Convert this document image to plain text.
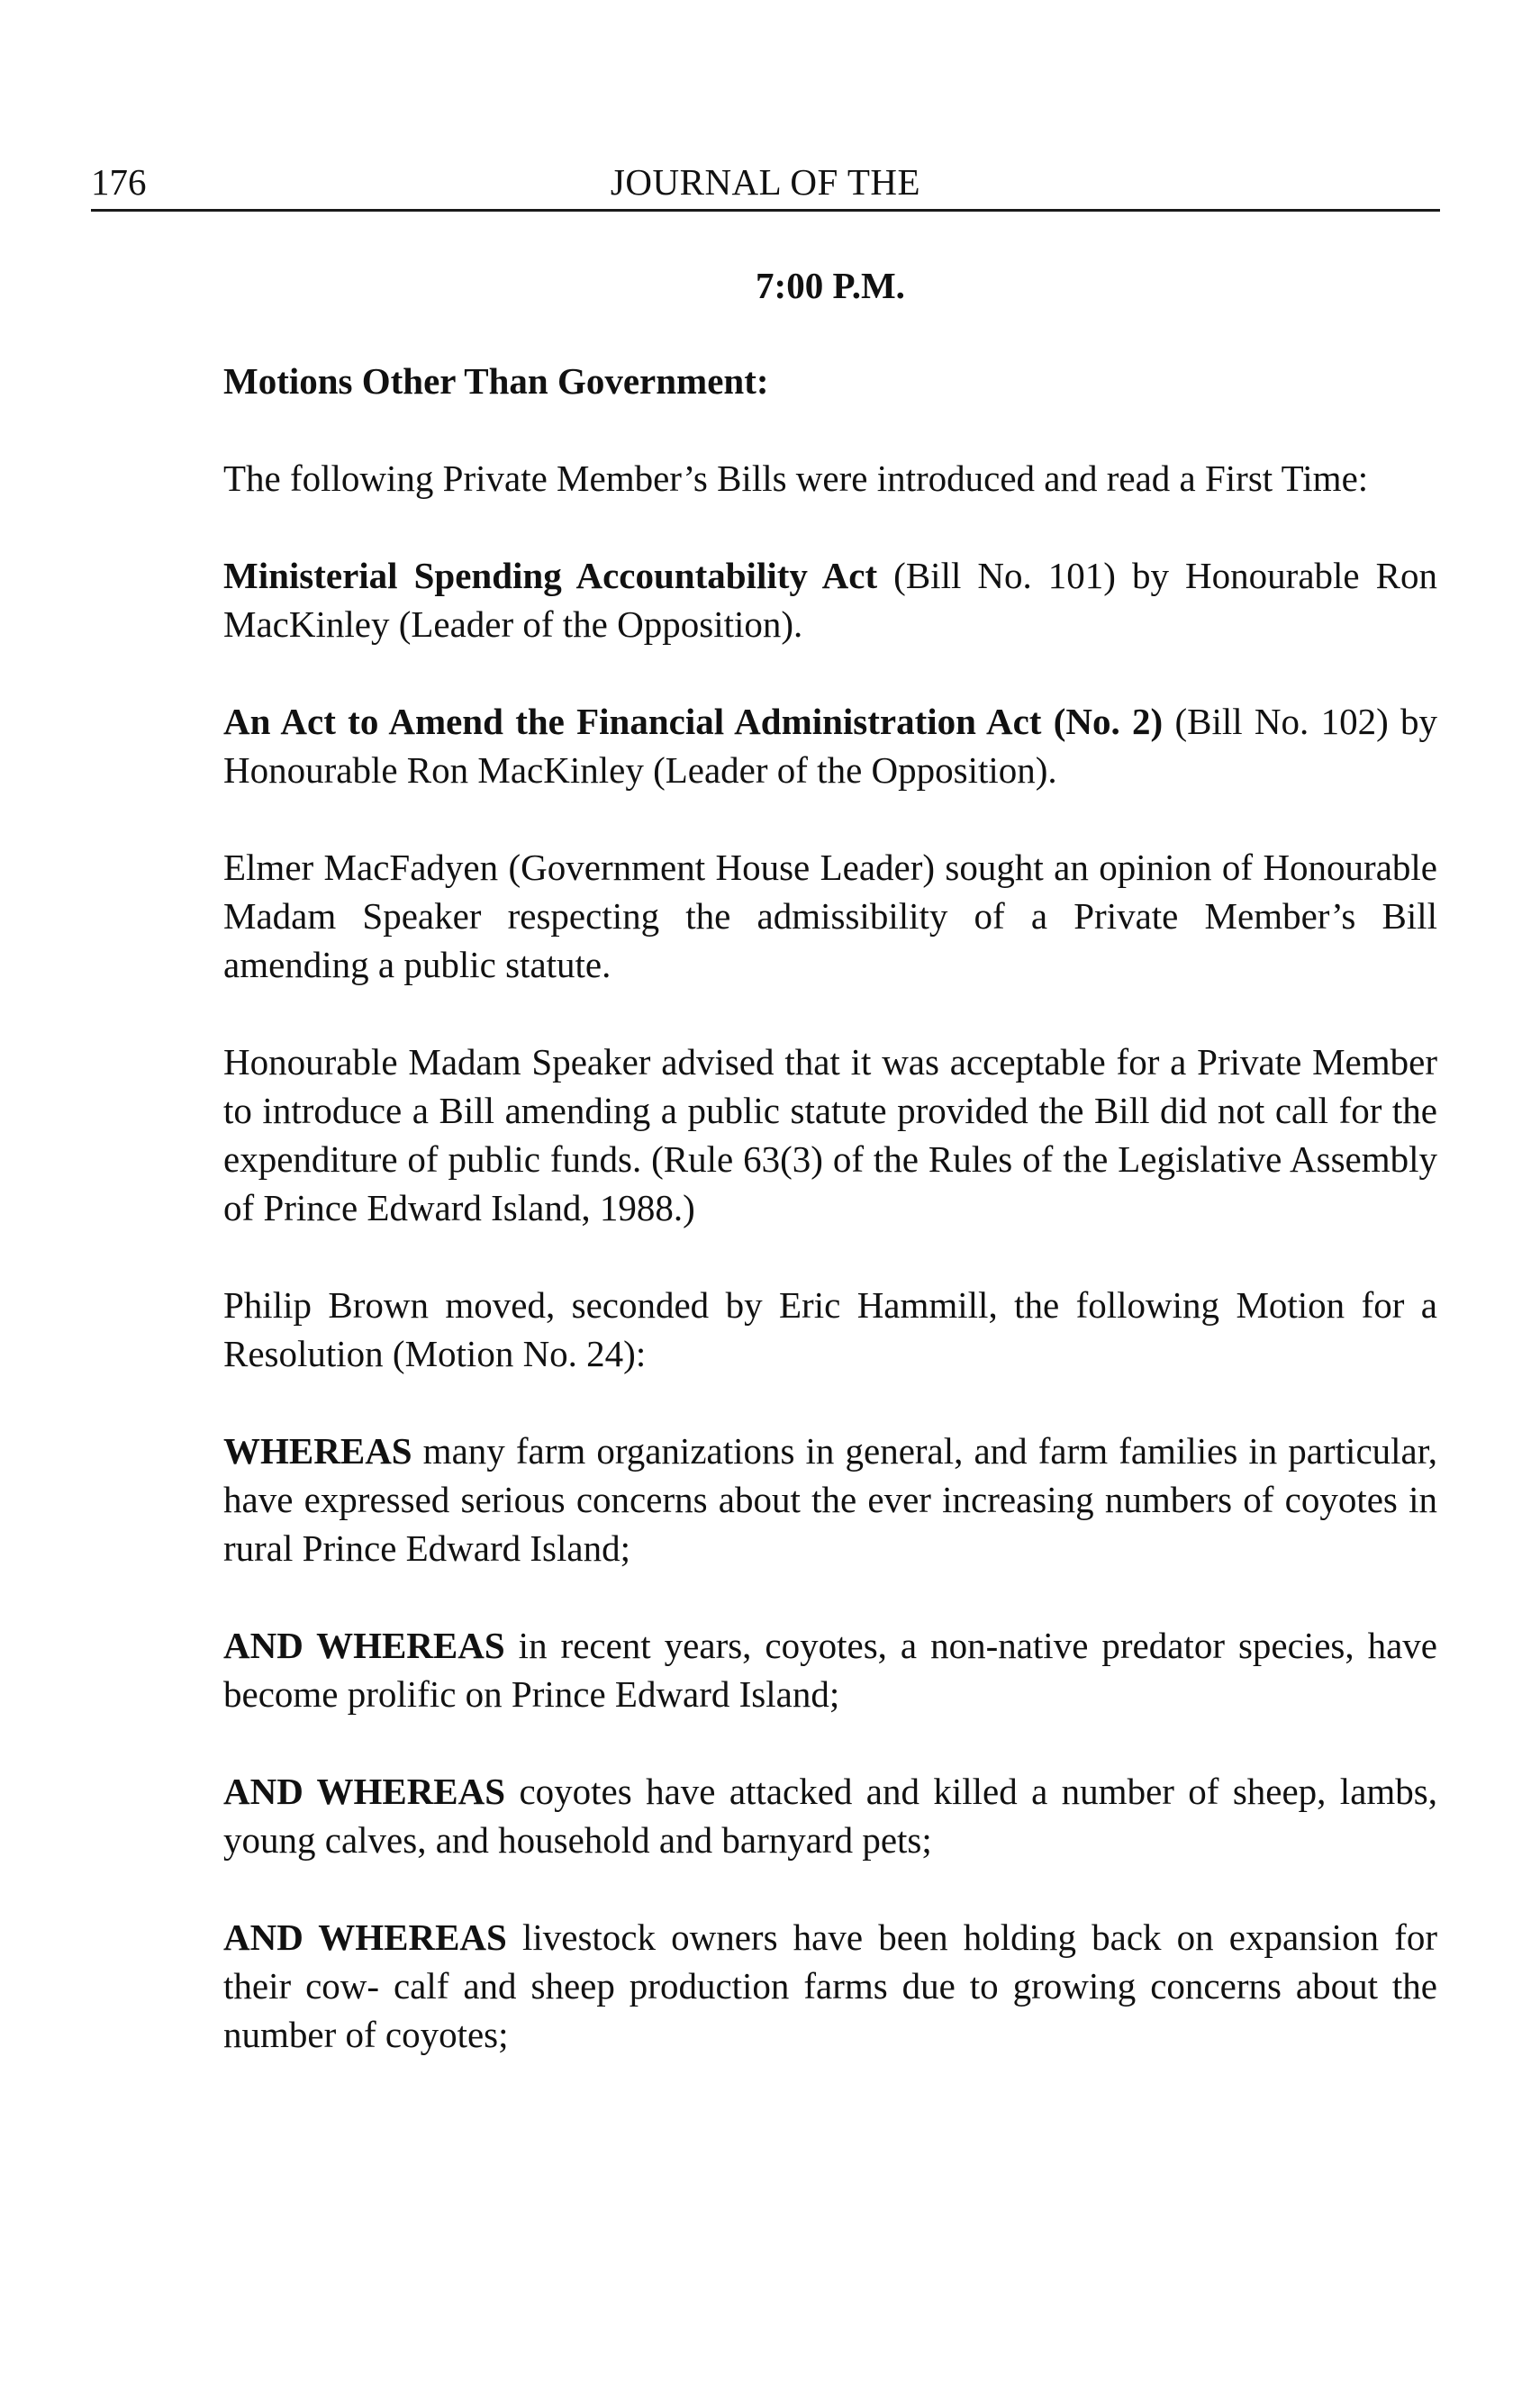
176	JOURNAL OF THE
7:00 P.M.
Motions Other Than Government:

The following Private Member’s Bills were introduced and read a First Time:

Ministerial Spending Accountability Act (Bill No. 101) by Honourable Ron MacKinley (Leader of the Opposition).

An Act to Amend the Financial Administration Act (No. 2) (Bill No. 102) by Honourable Ron MacKinley (Leader of the Opposition).

Elmer MacFadyen (Government House Leader) sought an opinion of Honourable Madam Speaker respecting the admissibility of a Private Member’s Bill amending a public statute.

Honourable Madam Speaker advised that it was acceptable for a Private Member to introduce a Bill amending a public statute provided the Bill did not call for the expenditure of public funds. (Rule 63(3) of the Rules of the Legislative Assembly of Prince Edward Island, 1988.)

Philip Brown moved, seconded by Eric Hammill, the following Motion for a Resolution (Motion No. 24):

WHEREAS many farm organizations in general, and farm families in particular, have expressed serious concerns about the ever increasing numbers of coyotes in rural Prince Edward Island;

AND WHEREAS in recent years, coyotes, a non-native predator species, have become prolific on Prince Edward Island;

AND WHEREAS coyotes have attacked and killed a number of sheep, lambs, young calves, and household and barnyard pets;

AND WHEREAS livestock owners have been holding back on expansion for their cow- calf and sheep production farms due to growing concerns about the number of coyotes;
